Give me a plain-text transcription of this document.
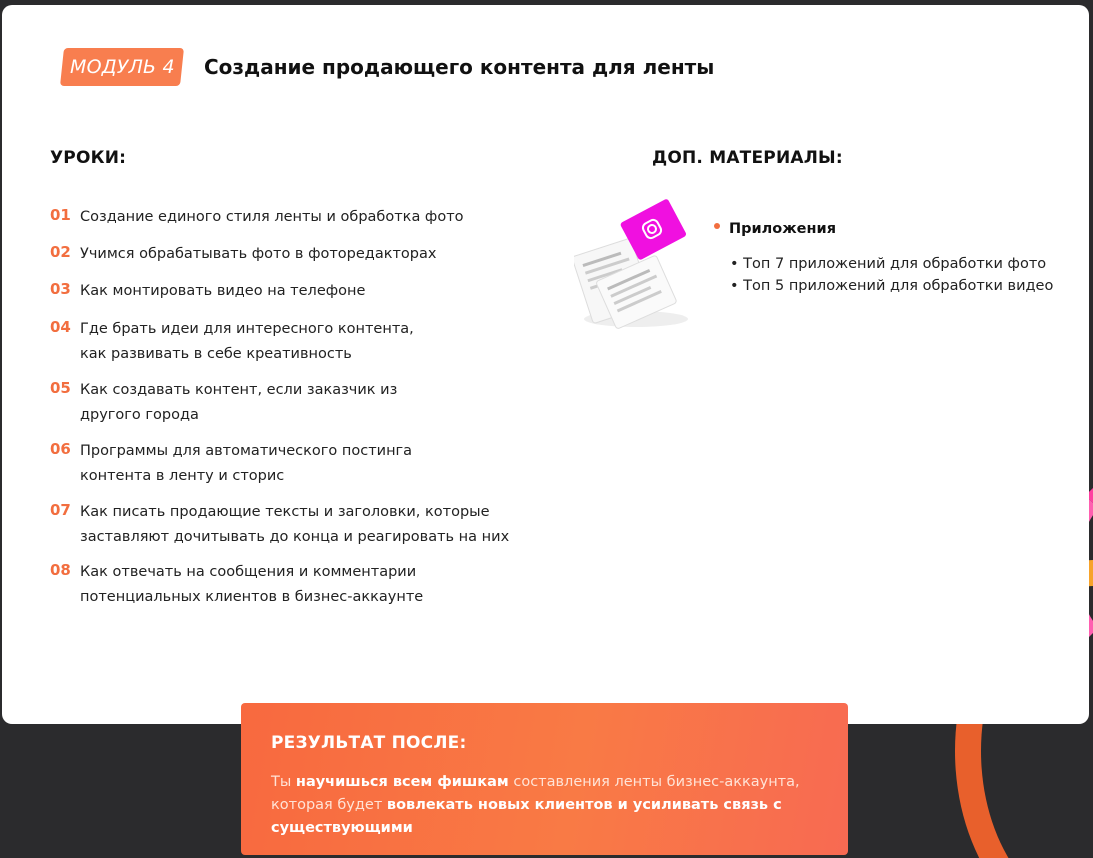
МОДУЛЬ 4 Создание продающего контента для ленты
УРОКИ:	ДОП. МАТЕРИАЛЫ:
01 Создание единого стиля ленты и обработка фото
02 Учимся обрабатывать фото в фоторедакторах
03 Как монтировать видео на телефоне
04 Где брать идеи для интересного контента,
как развивать в себе креативность
05 Как создавать контент, если заказчик из
другого города
06 Программы для автоматического постинга
контента в ленту и сторис
07 Как писать продающие тексты и заголовки, которые
заставляют дочитывать до конца и реагировать на них
08 Как отвечать на сообщения и комментарии
потенциальных клиентов в бизнес-аккаунте
Приложения
• Топ 7 приложений для обработки фото
• Топ 5 приложений для обработки видео
РЕЗУЛЬТАТ ПОСЛЕ:
Ты научишься всем фишкам составления ленты бизнес-аккаунта, которая будет вовлекать новых клиентов и усиливать связь с существующими
